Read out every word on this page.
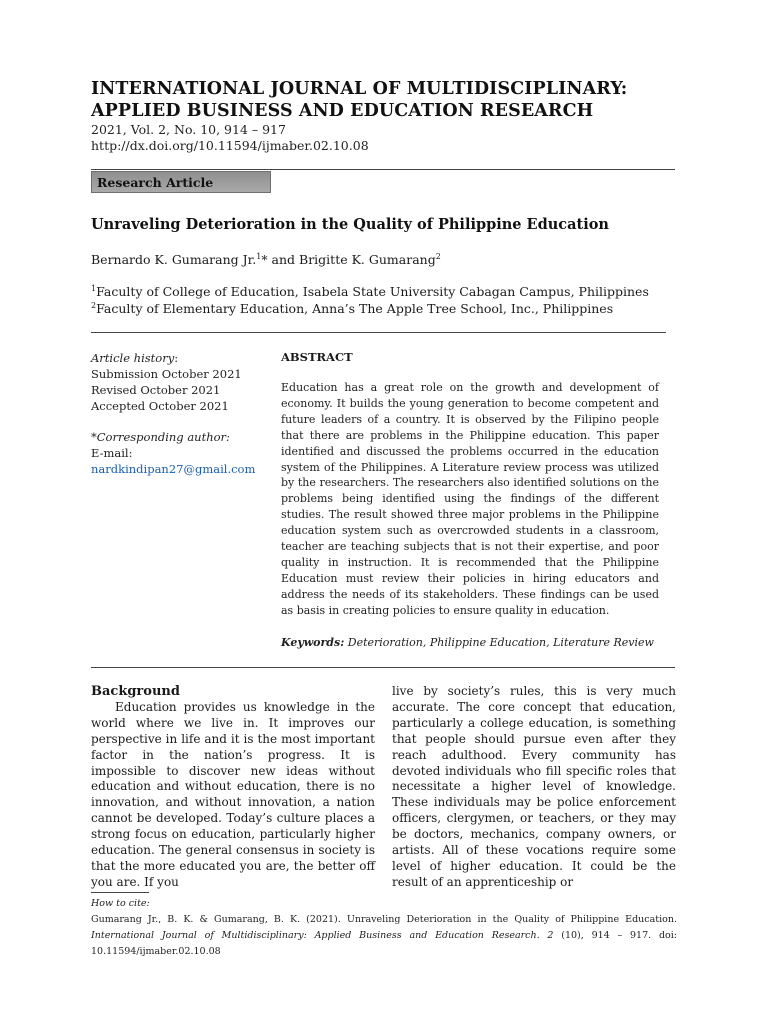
INTERNATIONAL JOURNAL OF MULTIDISCIPLINARY: APPLIED BUSINESS AND EDUCATION RESEARCH
2021, Vol. 2, No. 10, 914 – 917
http://dx.doi.org/10.11594/ijmaber.02.10.08
Research Article
Unraveling Deterioration in the Quality of Philippine Education
Bernardo K. Gumarang Jr.$^1$* and Brigitte K. Gumarang$^2$
$^1$Faculty of College of Education, Isabela State University Cabagan Campus, Philippines
$^2$Faculty of Elementary Education, Anna’s The Apple Tree School, Inc., Philippines
Article history:
Submission October 2021
Revised October 2021
Accepted October 2021
*Corresponding author:
E-mail:
nardkindipan27@gmail.com
ABSTRACT
Education has a great role on the growth and development of economy. It builds the young generation to become competent and future leaders of a country. It is observed by the Filipino people that there are problems in the Philippine education. This paper identified and discussed the problems occurred in the education system of the Philippines. A Literature review process was utilized by the researchers. The researchers also identified solutions on the problems being identified using the findings of the different studies. The result showed three major problems in the Philippine education system such as overcrowded students in a classroom, teacher are teaching subjects that is not their expertise, and poor quality in instruction. It is recommended that the Philippine Education must review their policies in hiring educators and address the needs of its stakeholders. These findings can be used as basis in creating policies to ensure quality in education.
Keywords: Deterioration, Philippine Education, Literature Review
Background
Education provides us knowledge in the world where we live in. It improves our perspective in life and it is the most important factor in the nation’s progress. It is impossible to discover new ideas without education and without education, there is no innovation, and without innovation, a nation cannot be developed. Today’s culture places a strong focus on education, particularly higher education. The general consensus in society is that the more educated you are, the better off you are. If you
live by society’s rules, this is very much accurate. The core concept that education, particularly a college education, is something that people should pursue even after they reach adulthood. Every community has devoted individuals who fill specific roles that necessitate a higher level of knowledge. These individuals may be police enforcement officers, clergymen, or teachers, or they may be doctors, mechanics, company owners, or artists. All of these vocations require some level of higher education. It could be the result of an apprenticeship or
How to cite:
Gumarang Jr., B. K. & Gumarang, B. K. (2021). Unraveling Deterioration in the Quality of Philippine Education. International Journal of Multidisciplinary: Applied Business and Education Research. 2 (10), 914 – 917. doi: 10.11594/ijmaber.02.10.08
